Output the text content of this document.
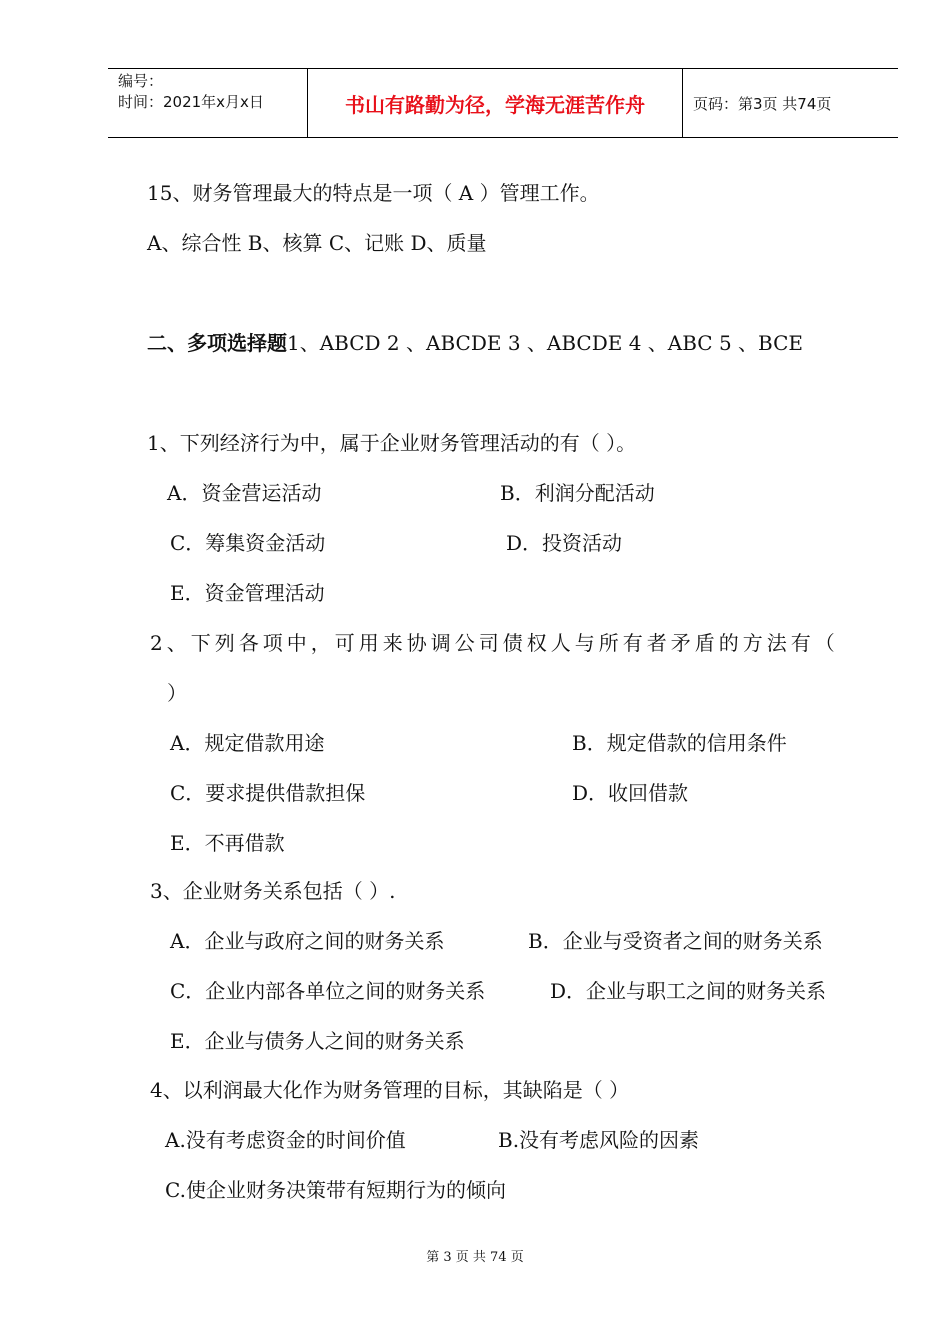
编号：
时间：2021年x月x日	书山有路勤为径，学海无涯苦作舟	页码：第3页 共74页
15、财务管理最大的特点是一项（ A ）管理工作。
A、综合性 B、核算 C、记账 D、质量
二、多项选择题1、ABCD 2 、ABCDE 3 、ABCDE 4 、ABC 5 、BCE
1、下列经济行为中，属于企业财务管理活动的有（ ）。
A．资金营运活动	B．利润分配活动
C．筹集资金活动	D．投资活动
E．资金管理活动
2、下列各项中，可用来协调公司债权人与所有者矛盾的方法有（
）
A．规定借款用途	B．规定借款的信用条件
C．要求提供借款担保	D．收回借款
E．不再借款
3、企业财务关系包括（ ）.
A．企业与政府之间的财务关系	B．企业与受资者之间的财务关系
C．企业内部各单位之间的财务关系	D．企业与职工之间的财务关系
E．企业与债务人之间的财务关系
4、以利润最大化作为财务管理的目标，其缺陷是（ ）
A.没有考虑资金的时间价值	B.没有考虑风险的因素
C.使企业财务决策带有短期行为的倾向
第 3 页 共 74 页
